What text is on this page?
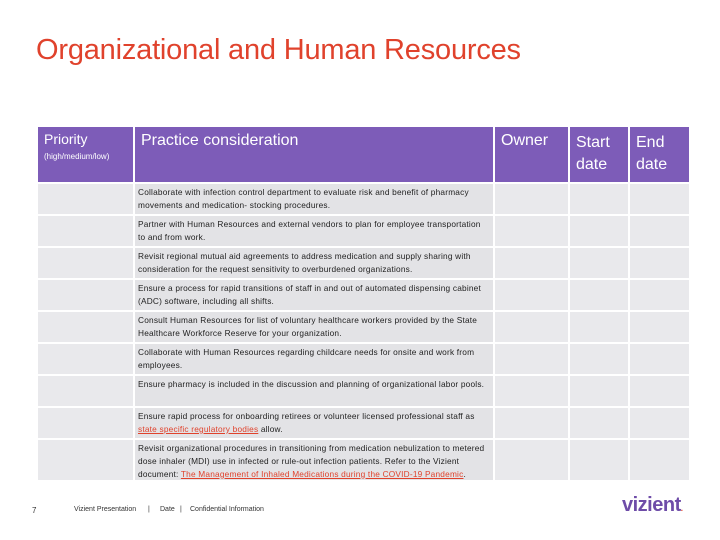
Organizational and Human Resources
Priority
(high/medium/low)	Practice consideration	Owner	Start date	End date

	Collaborate with infection control department to evaluate risk and benefit of pharmacy movements and medication- stocking procedures.			

	Partner with Human Resources and external vendors to plan for employee transportation to and from work.			

	Revisit regional mutual aid agreements to address medication and supply sharing with consideration for the request sensitivity to overburdened organizations.			

	Ensure a process for rapid transitions of staff in and out of automated dispensing cabinet (ADC) software, including all shifts.			

	Consult Human Resources for list of voluntary healthcare workers provided by the State Healthcare Workforce Reserve for your organization.			

	Collaborate with Human Resources regarding childcare needs for onsite and work from employees.			

	Ensure pharmacy is included in the discussion and planning of organizational labor pools.			

	Ensure rapid process for onboarding retirees or volunteer licensed professional staff as state specific regulatory bodies allow.			

	Revisit organizational procedures in transitioning from medication nebulization to metered dose inhaler (MDI) use in infected or rule-out infection patients. Refer to the Vizient document: The Management of Inhaled Medications during the COVID-19 Pandemic.			

7	Vizient Presentation | Date | Confidential Information	vizient.
